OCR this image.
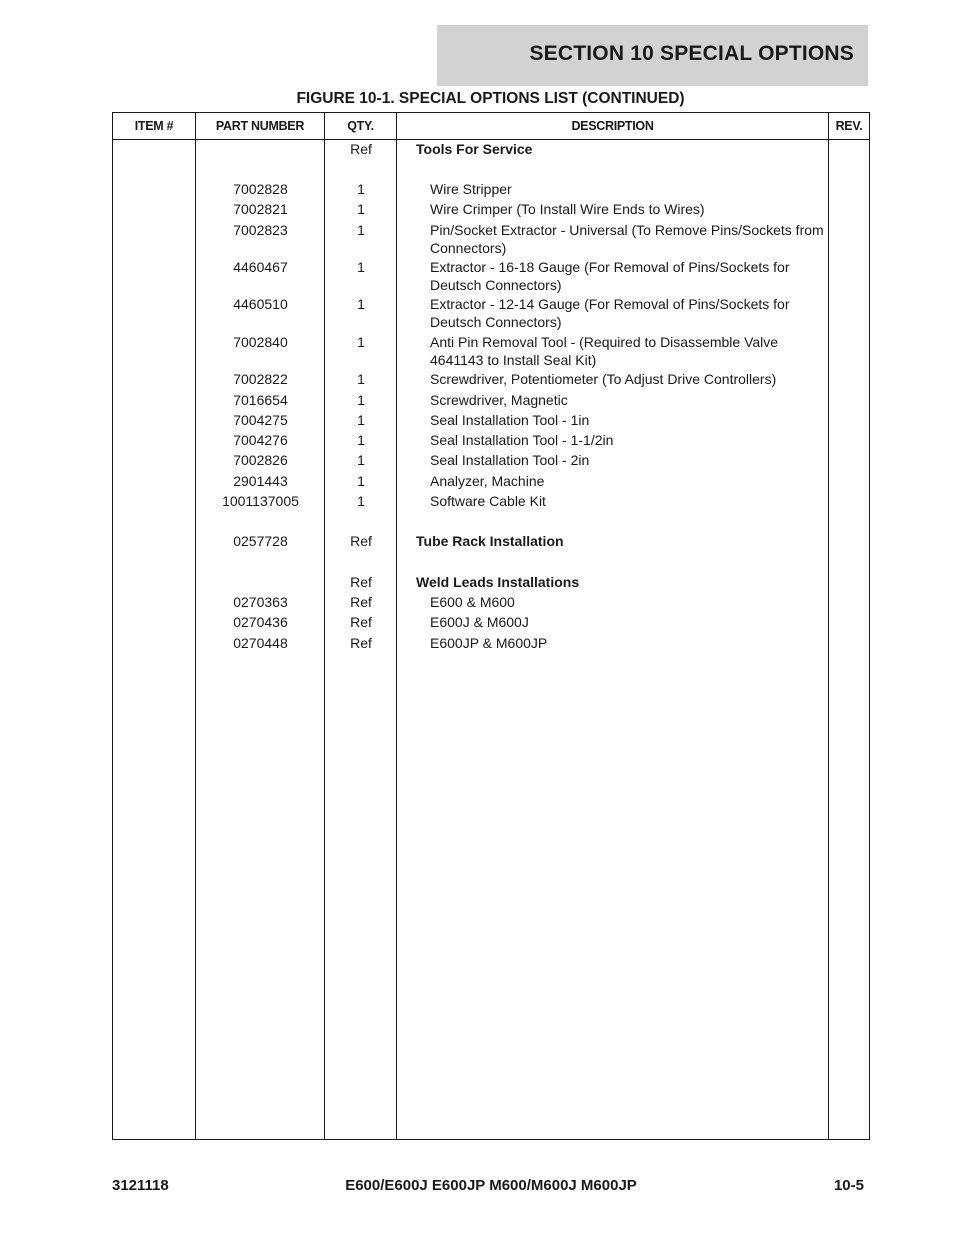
SECTION 10 SPECIAL OPTIONS
FIGURE 10-1. SPECIAL OPTIONS LIST (CONTINUED)
ITEM #	PART NUMBER	QTY.	DESCRIPTION	REV.
Ref	Tools For Service
7002828	1	Wire Stripper
7002821	1	Wire Crimper (To Install Wire Ends to Wires)
7002823	1	Pin/Socket Extractor - Universal (To Remove Pins/Sockets from Connectors)
4460467	1	Extractor - 16-18 Gauge (For Removal of Pins/Sockets for Deutsch Connectors)
4460510	1	Extractor - 12-14 Gauge (For Removal of Pins/Sockets for Deutsch Connectors)
7002840	1	Anti Pin Removal Tool - (Required to Disassemble Valve 4641143 to Install Seal Kit)
7002822	1	Screwdriver, Potentiometer (To Adjust Drive Controllers)
7016654	1	Screwdriver, Magnetic
7004275	1	Seal Installation Tool - 1in
7004276	1	Seal Installation Tool - 1-1/2in
7002826	1	Seal Installation Tool - 2in
2901443	1	Analyzer, Machine
1001137005	1	Software Cable Kit
0257728	Ref	Tube Rack Installation
Ref	Weld Leads Installations
0270363	Ref	E600 & M600
0270436	Ref	E600J & M600J
0270448	Ref	E600JP & M600JP
3121118	E600/E600J E600JP M600/M600J M600JP	10-5
